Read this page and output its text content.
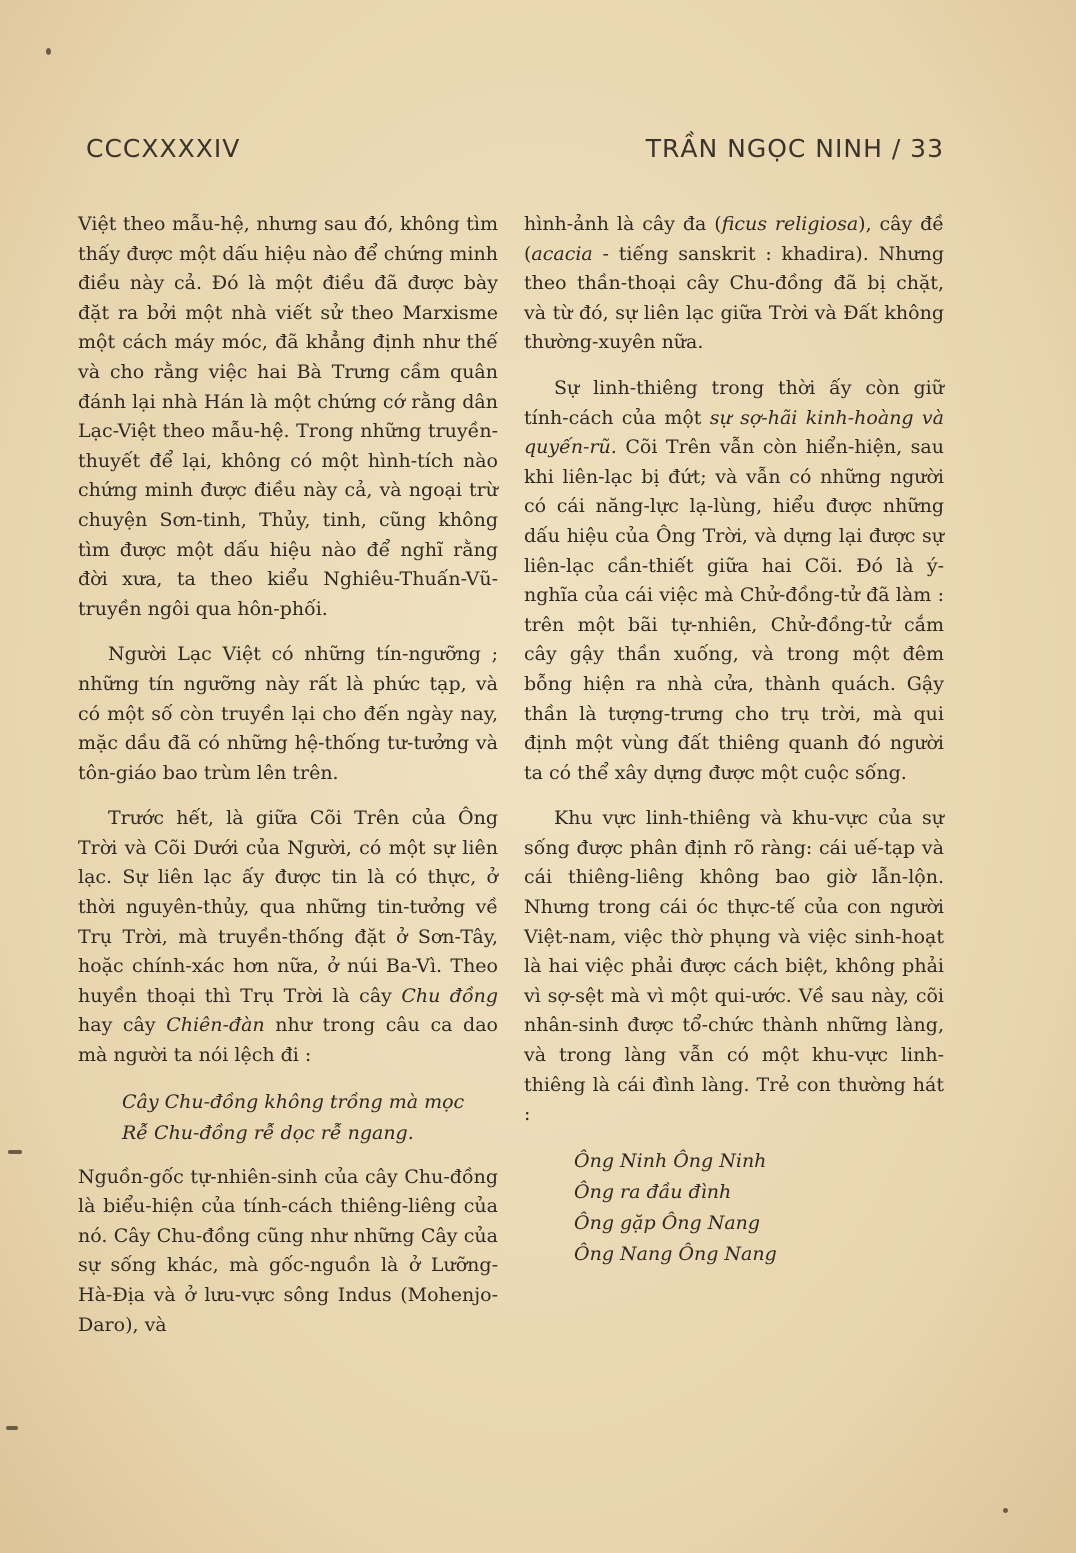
CCCXXXXIV	TRẦN NGỌC NINH / 33

Việt theo mẫu-hệ, nhưng sau đó, không tìm thấy được một dấu hiệu nào để chứng minh điều này cả. Đó là một điều đã được bày đặt ra bởi một nhà viết sử theo Marxisme một cách máy móc, đã khẳng định như thế và cho rằng việc hai Bà Trưng cầm quân đánh lại nhà Hán là một chứng cớ rằng dân Lạc-Việt theo mẫu-hệ. Trong những truyền-thuyết để lại, không có một hình-tích nào chứng minh được điều này cả, và ngoại trừ chuyện Sơn-tinh, Thủy, tinh, cũng không tìm được một dấu hiệu nào để nghĩ rằng đời xưa, ta theo kiểu Nghiêu-Thuấn-Vũ-truyền ngôi qua hôn-phối.

Người Lạc Việt có những tín-ngưỡng ; những tín ngưỡng này rất là phức tạp, và có một số còn truyền lại cho đến ngày nay, mặc dầu đã có những hệ-thống tư-tưởng và tôn-giáo bao trùm lên trên.

Trước hết, là giữa Cõi Trên của Ông Trời và Cõi Dưới của Người, có một sự liên lạc. Sự liên lạc ấy được tin là có thực, ở thời nguyên-thủy, qua những tin-tưởng về Trụ Trời, mà truyền-thống đặt ở Sơn-Tây, hoặc chính-xác hơn nữa, ở núi Ba-Vì. Theo huyền thoại thì Trụ Trời là cây Chu đồng hay cây Chiên-đàn như trong câu ca dao mà người ta nói lệch đi :

Cây Chu-đồng không trồng mà mọc
Rễ Chu-đồng rễ dọc rễ ngang.

Nguồn-gốc tự-nhiên-sinh của cây Chu-đồng là biểu-hiện của tính-cách thiêng-liêng của nó. Cây Chu-đồng cũng như những Cây của sự sống khác, mà gốc-nguồn là ở Lưỡng-Hà-Địa và ở lưu-vực sông Indus (Mohenjo-Daro), và

hình-ảnh là cây đa (ficus religiosa), cây đề (acacia - tiếng sanskrit : khadira). Nhưng theo thần-thoại cây Chu-đồng đã bị chặt, và từ đó, sự liên lạc giữa Trời và Đất không thường-xuyên nữa.

Sự linh-thiêng trong thời ấy còn giữ tính-cách của một sự sợ-hãi kinh-hoàng và quyến-rũ. Cõi Trên vẫn còn hiển-hiện, sau khi liên-lạc bị đứt; và vẫn có những người có cái năng-lực lạ-lùng, hiểu được những dấu hiệu của Ông Trời, và dựng lại được sự liên-lạc cần-thiết giữa hai Cõi. Đó là ý-nghĩa của cái việc mà Chử-đồng-tử đã làm : trên một bãi tự-nhiên, Chử-đồng-tử cắm cây gậy thần xuống, và trong một đêm bỗng hiện ra nhà cửa, thành quách. Gậy thần là tượng-trưng cho trụ trời, mà qui định một vùng đất thiêng quanh đó người ta có thể xây dựng được một cuộc sống.

Khu vực linh-thiêng và khu-vực của sự sống được phân định rõ ràng: cái uế-tạp và cái thiêng-liêng không bao giờ lẫn-lộn. Nhưng trong cái óc thực-tế của con người Việt-nam, việc thờ phụng và việc sinh-hoạt là hai việc phải được cách biệt, không phải vì sợ-sệt mà vì một qui-ước. Về sau này, cõi nhân-sinh được tổ-chức thành những làng, và trong làng vẫn có một khu-vực linh-thiêng là cái đình làng. Trẻ con thường hát :

Ông Ninh Ông Ninh
Ông ra đầu đình
Ông gặp Ông Nang
Ông Nang Ông Nang
